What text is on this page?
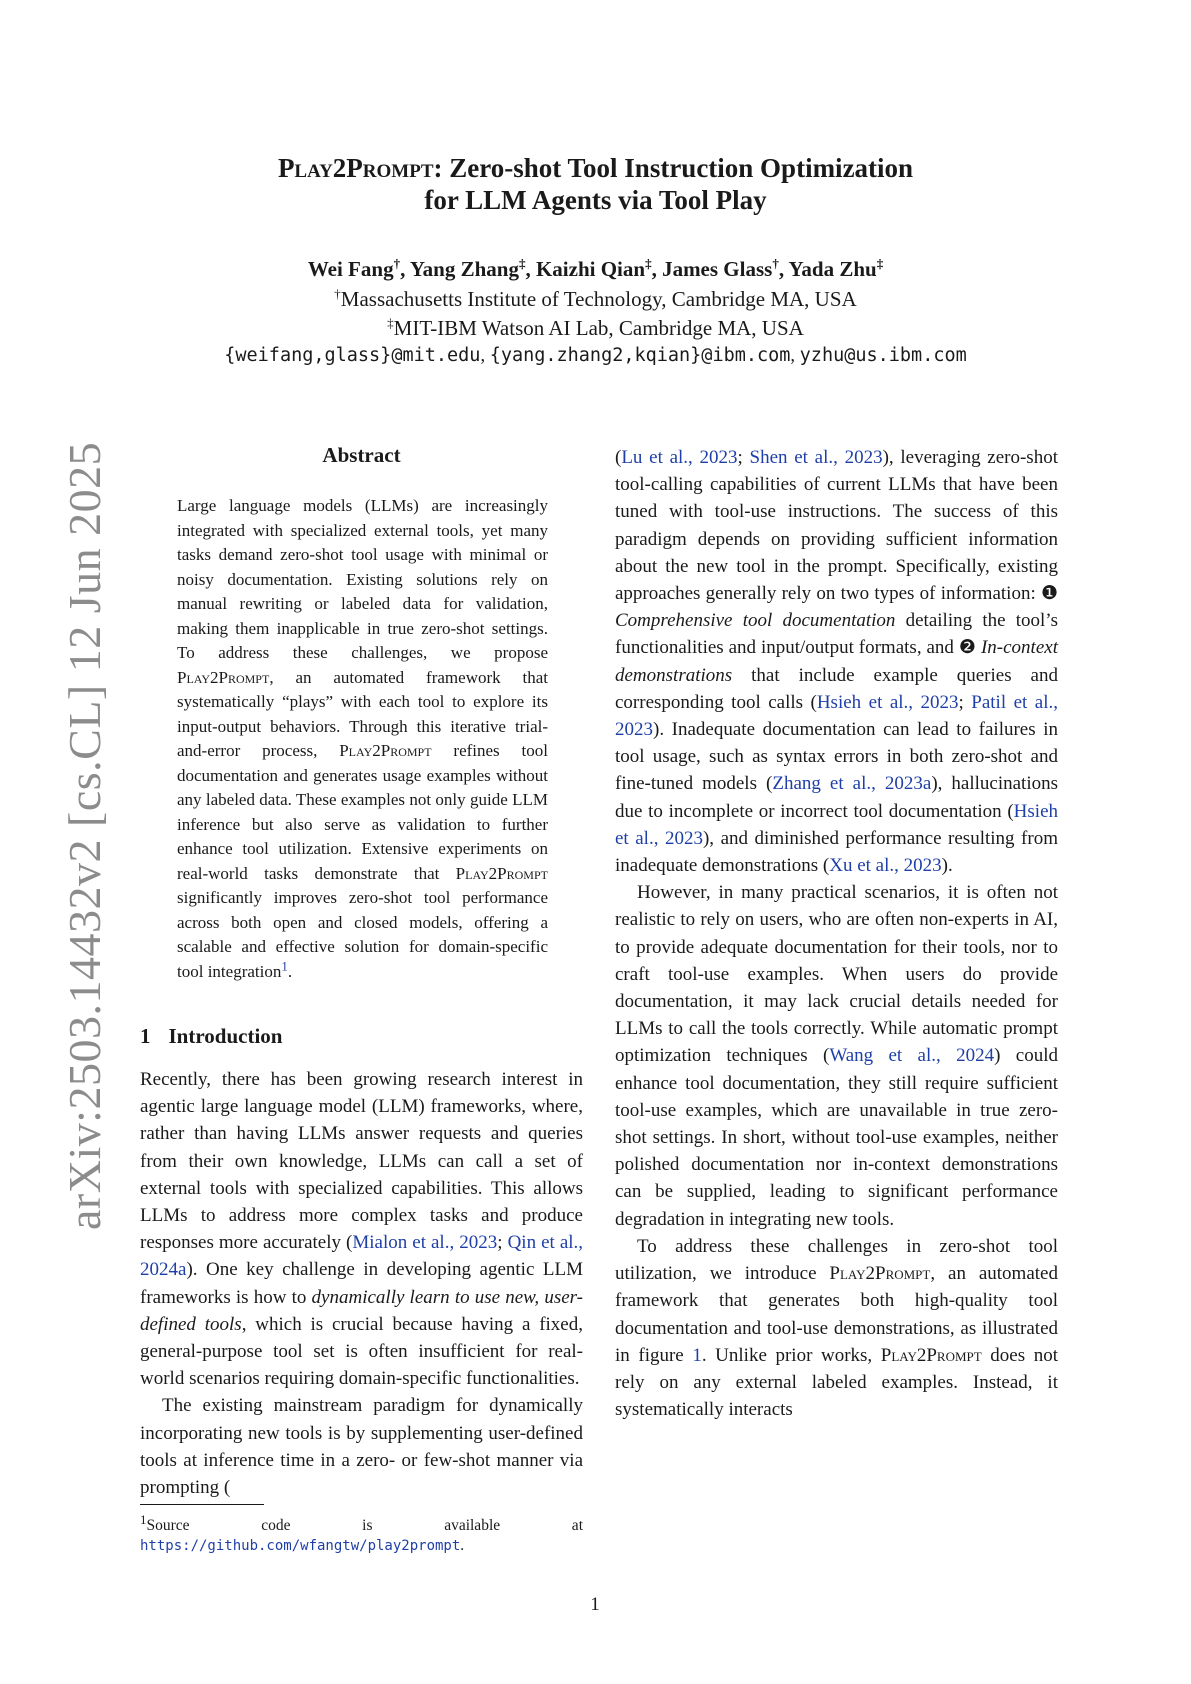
arXiv:2503.14432v2 [cs.CL] 12 Jun 2025
Play2Prompt: Zero-shot Tool Instruction Optimization
for LLM Agents via Tool Play
Wei Fang†, Yang Zhang‡, Kaizhi Qian‡, James Glass†, Yada Zhu‡
†Massachusetts Institute of Technology, Cambridge MA, USA
‡MIT-IBM Watson AI Lab, Cambridge MA, USA
{weifang,glass}@mit.edu, {yang.zhang2,kqian}@ibm.com, yzhu@us.ibm.com
Abstract
Large language models (LLMs) are increasingly integrated with specialized external tools, yet many tasks demand zero-shot tool usage with minimal or noisy documentation. Existing solutions rely on manual rewriting or labeled data for validation, making them inapplicable in true zero-shot settings. To address these challenges, we propose Play2Prompt, an automated framework that systematically “plays” with each tool to explore its input-output behaviors. Through this iterative trial-and-error process, Play2Prompt refines tool documentation and generates usage examples without any labeled data. These examples not only guide LLM inference but also serve as validation to further enhance tool utilization. Extensive experiments on real-world tasks demonstrate that Play2Prompt significantly improves zero-shot tool performance across both open and closed models, offering a scalable and effective solution for domain-specific tool integration$^1$.
1 Introduction

Recently, there has been growing research interest in agentic large language model (LLM) frameworks, where, rather than having LLMs answer requests and queries from their own knowledge, LLMs can call a set of external tools with specialized capabilities. This allows LLMs to address more complex tasks and produce responses more accurately (Mialon et al., 2023; Qin et al., 2024a). One key challenge in developing agentic LLM frameworks is how to dynamically learn to use new, user-defined tools, which is crucial because having a fixed, general-purpose tool set is often insufficient for real-world scenarios requiring domain-specific functionalities.

The existing mainstream paradigm for dynamically incorporating new tools is by supplementing user-defined tools at inference time in a zero- or few-shot manner via prompting (

$^1$Source code is available at https://github.com/wfangtw/play2prompt.

(Lu et al., 2023; Shen et al., 2023), leveraging zero-shot tool-calling capabilities of current LLMs that have been tuned with tool-use instructions. The success of this paradigm depends on providing sufficient information about the new tool in the prompt. Specifically, existing approaches generally rely on two types of information: ❶ Comprehensive tool documentation detailing the tool’s functionalities and input/output formats, and ❷ In-context demonstrations that include example queries and corresponding tool calls (Hsieh et al., 2023; Patil et al., 2023). Inadequate documentation can lead to failures in tool usage, such as syntax errors in both zero-shot and fine-tuned models (Zhang et al., 2023a), hallucinations due to incomplete or incorrect tool documentation (Hsieh et al., 2023), and diminished performance resulting from inadequate demonstrations (Xu et al., 2023).

However, in many practical scenarios, it is often not realistic to rely on users, who are often non-experts in AI, to provide adequate documentation for their tools, nor to craft tool-use examples. When users do provide documentation, it may lack crucial details needed for LLMs to call the tools correctly. While automatic prompt optimization techniques (Wang et al., 2024) could enhance tool documentation, they still require sufficient tool-use examples, which are unavailable in true zero-shot settings. In short, without tool-use examples, neither polished documentation nor in-context demonstrations can be supplied, leading to significant performance degradation in integrating new tools.

To address these challenges in zero-shot tool utilization, we introduce Play2Prompt, an automated framework that generates both high-quality tool documentation and tool-use demonstrations, as illustrated in figure 1. Unlike prior works, Play2Prompt does not rely on any external labeled examples. Instead, it systematically interacts

1
